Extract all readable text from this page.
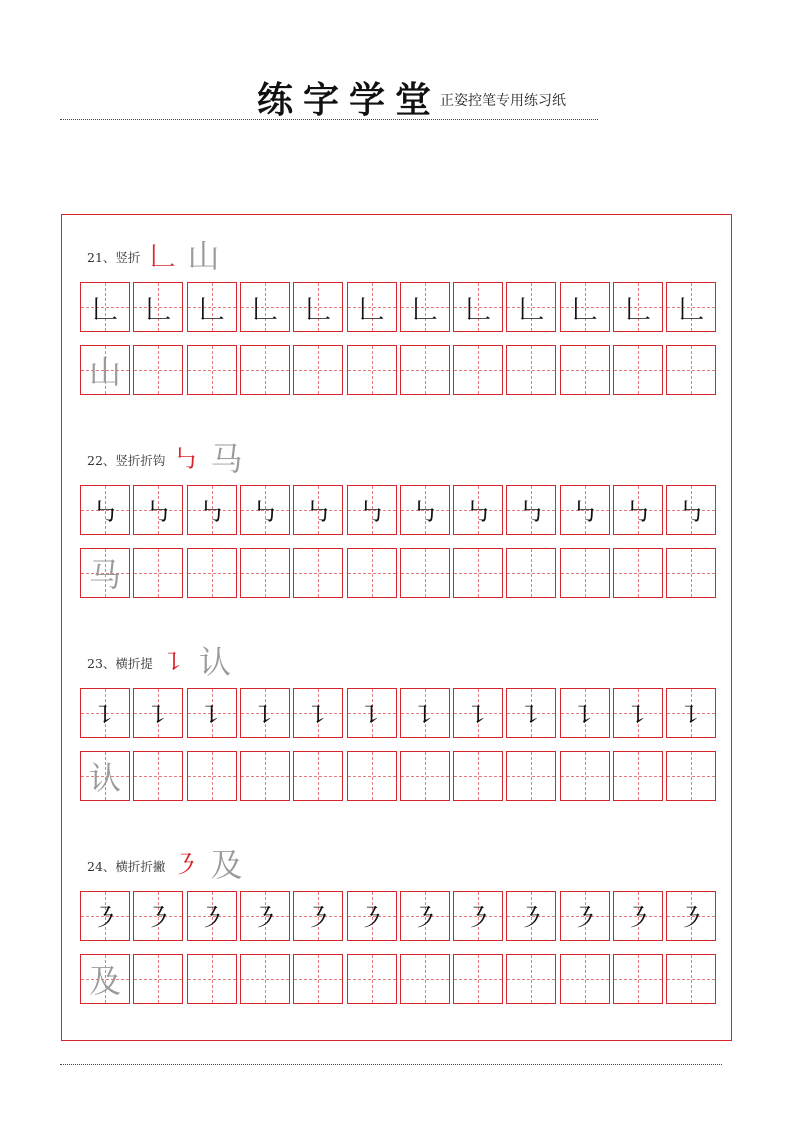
练字学堂
正姿控笔专用练习纸
21、竖折 𠃊 山
𠃊	𠃊	𠃊	𠃊	𠃊	𠃊	𠃊	𠃊	𠃊	𠃊	𠃊	𠃊
山
22、竖折折钩 ㇉ 马
㇉	㇉	㇉	㇉	㇉	㇉	㇉	㇉	㇉	㇉	㇉	㇉
马
23、横折提 ㇊ 认
㇊	㇊	㇊	㇊	㇊	㇊	㇊	㇊	㇊	㇊	㇊	㇊
认
24、横折折撇 ㇋ 及
㇋	㇋	㇋	㇋	㇋	㇋	㇋	㇋	㇋	㇋	㇋	㇋
及
